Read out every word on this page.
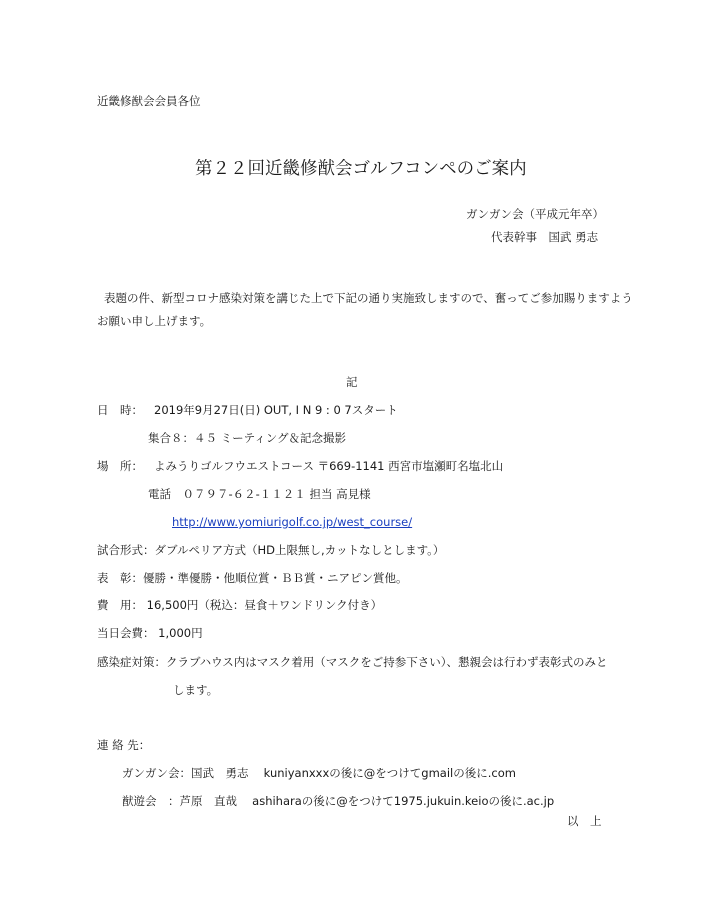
近畿修猷会会員各位
第２２回近畿修猷会ゴルフコンペのご案内
ガンガン会（平成元年卒）
代表幹事　国武 勇志
表題の件、新型コロナ感染対策を講じた上で下記の通り実施致しますので、奮ってご参加賜りますよう
お願い申し上げます。
記
日　時： 2019年9月27日(日) OUT, I N 9 : 0 7スタート
集合８：４５ ミーティング＆記念撮影
場　所： よみうりゴルフウエストコース 〒669-1141 西宮市塩瀬町名塩北山
電話　０７９７-６２-１１２１ 担当 高見様
http://www.yomiurigolf.co.jp/west_course/
試合形式：ダブルペリア方式（HD上限無し,カットなしとします。）
表　彰：優勝・準優勝・他順位賞・ＢＢ賞・ニアピン賞他。
費　用： 16,500円（税込：昼食＋ワンドリンク付き）
当日会費： 1,000円
感染症対策：クラブハウス内はマスク着用（マスクをご持参下さい）、懇親会は行わず表彰式のみと
します。
連 絡 先：
ガンガン会：国武　勇志　 kuniyanxxxの後に@をつけてgmailの後に.com
猷遊会　：芦原　直哉　 ashiharaの後に@をつけて1975.jukuin.keioの後に.ac.jp
以　上
